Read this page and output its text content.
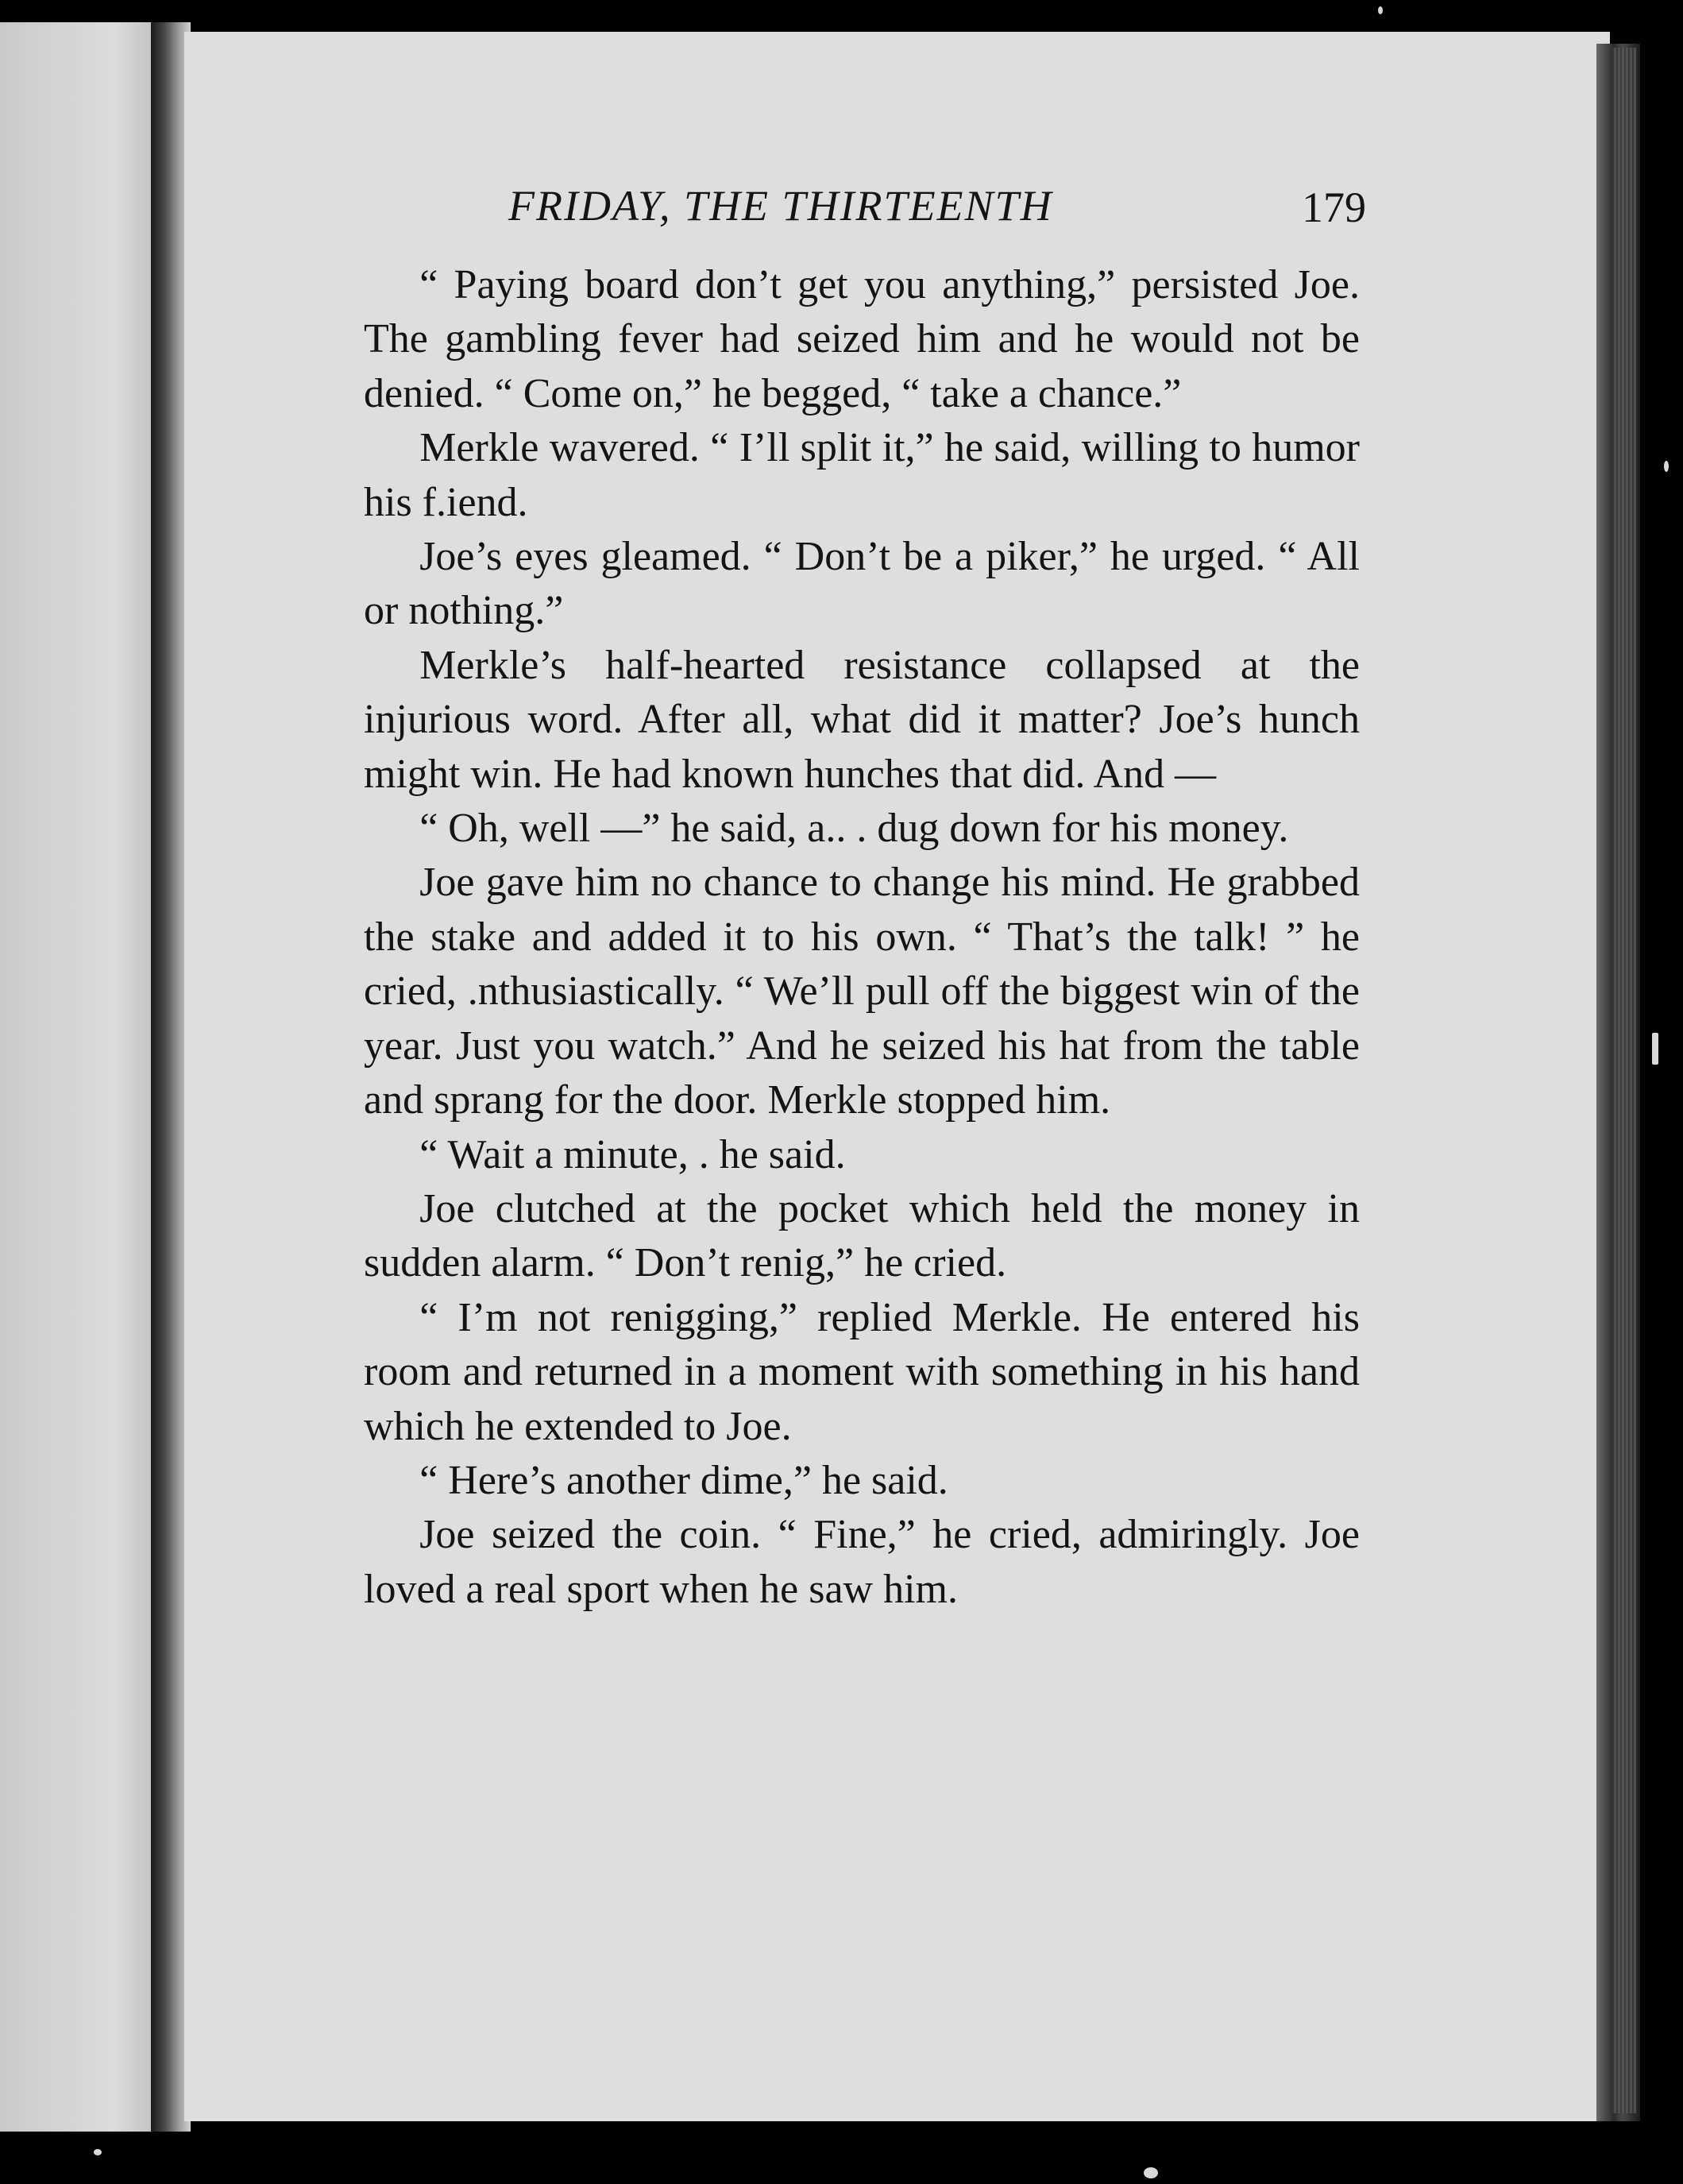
FRIDAY, THE THIRTEENTH	179

“ Paying board don’t get you anything,” persisted Joe. The gambling fever had seized him and he would not be denied. “ Come on,” he begged, “ take a chance.”

Merkle wavered. “ I’ll split it,” he said, willing to humor his f.iend.

Joe’s eyes gleamed. “ Don’t be a piker,” he urged. “ All or nothing.”

Merkle’s half-hearted resistance collapsed at the injurious word. After all, what did it matter? Joe’s hunch might win. He had known hunches that did. And —

“ Oh, well —” he said, a.. . dug down for his money.

Joe gave him no chance to change his mind. He grabbed the stake and added it to his own. “ That’s the talk! ” he cried, .nthusiastically. “ We’ll pull off the biggest win of the year. Just you watch.” And he seized his hat from the table and sprang for the door. Merkle stopped him.

“ Wait a minute, . he said.

Joe clutched at the pocket which held the money in sudden alarm. “ Don’t renig,” he cried.

“ I’m not renigging,” replied Merkle. He entered his room and returned in a moment with something in his hand which he extended to Joe.

“ Here’s another dime,” he said.

Joe seized the coin. “ Fine,” he cried, admiringly. Joe loved a real sport when he saw him.
